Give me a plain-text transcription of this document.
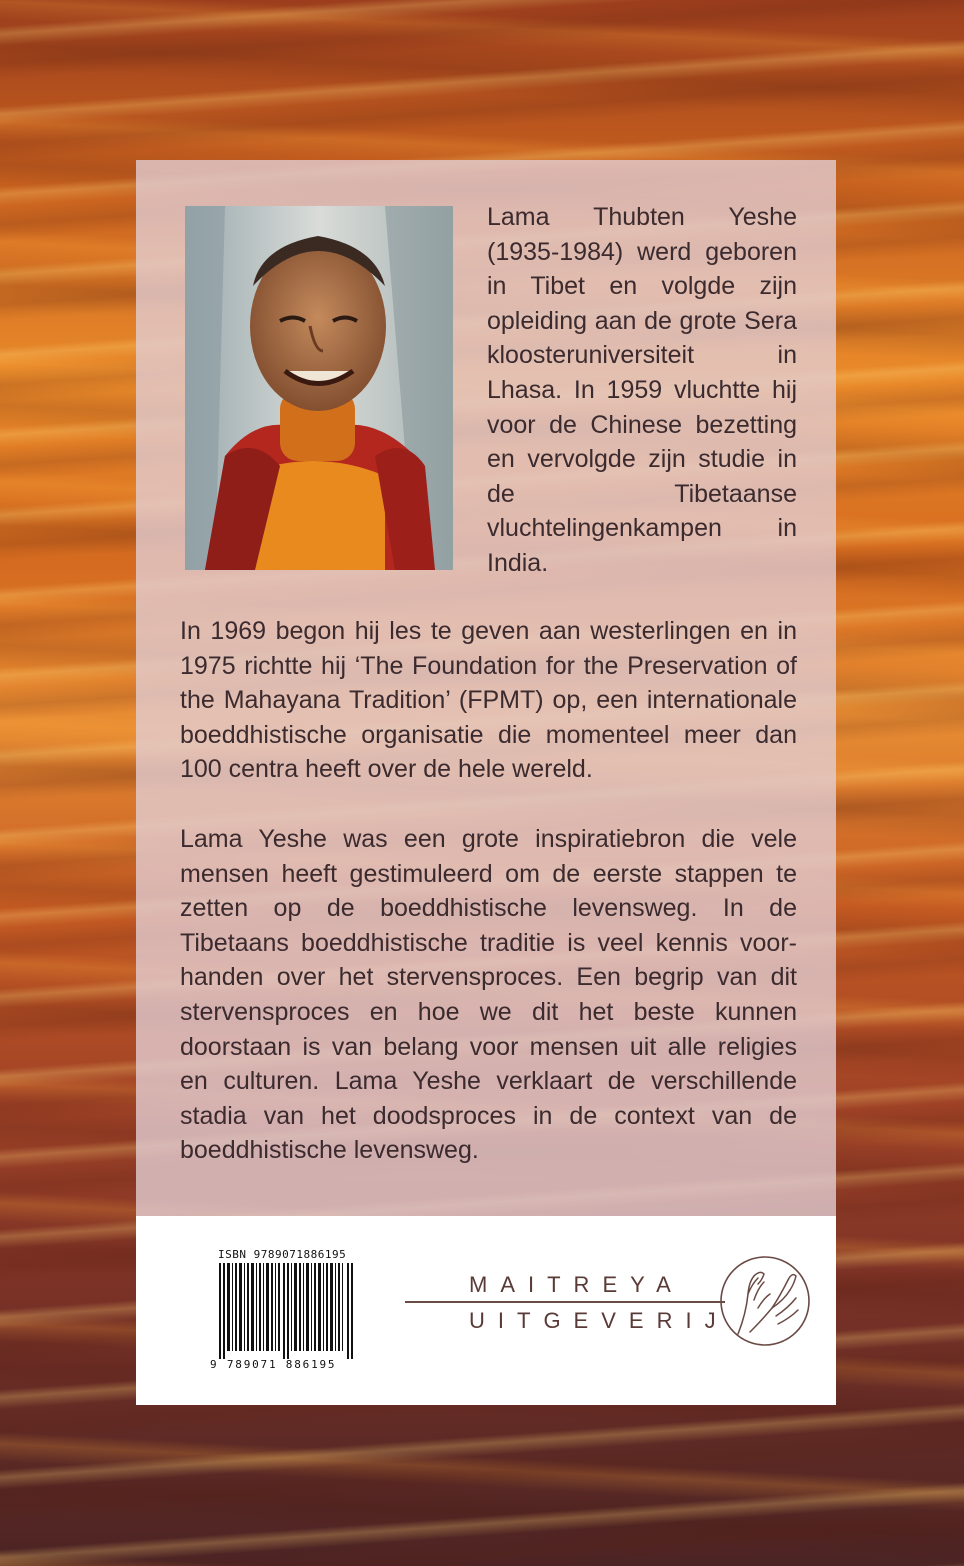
Lama Thubten Yeshe (1935-1984) werd geboren in Tibet en volgde zijn opleiding aan de grote Sera kloosteruniversiteit in Lhasa. In 1959 vluchtte hij voor de Chinese bezetting en vervolgde zijn studie in de Tibetaanse vluchtelingenkampen in India.

In 1969 begon hij les te geven aan westerlingen en in 1975 richtte hij ‘The Foundation for the Preservation of the Mahayana Tradition’ (FPMT) op, een internationale boeddhistische organisatie die momenteel meer dan 100 centra heeft over de hele wereld.

Lama Yeshe was een grote inspiratiebron die vele mensen heeft gestimuleerd om de eerste stappen te zetten op de boeddhistische levensweg. In de Tibetaans boeddhistische traditie is veel kennis voorhanden over het stervensproces. Een begrip van dit stervensproces en hoe we dit het beste kunnen doorstaan is van belang voor mensen uit alle religies en culturen. Lama Yeshe verklaart de verschillende stadia van het doodsproces in de context van de boeddhistische levensweg.

ISBN 9789071886195
9 789071 886195
MAITREYA
UITGEVERIJ
